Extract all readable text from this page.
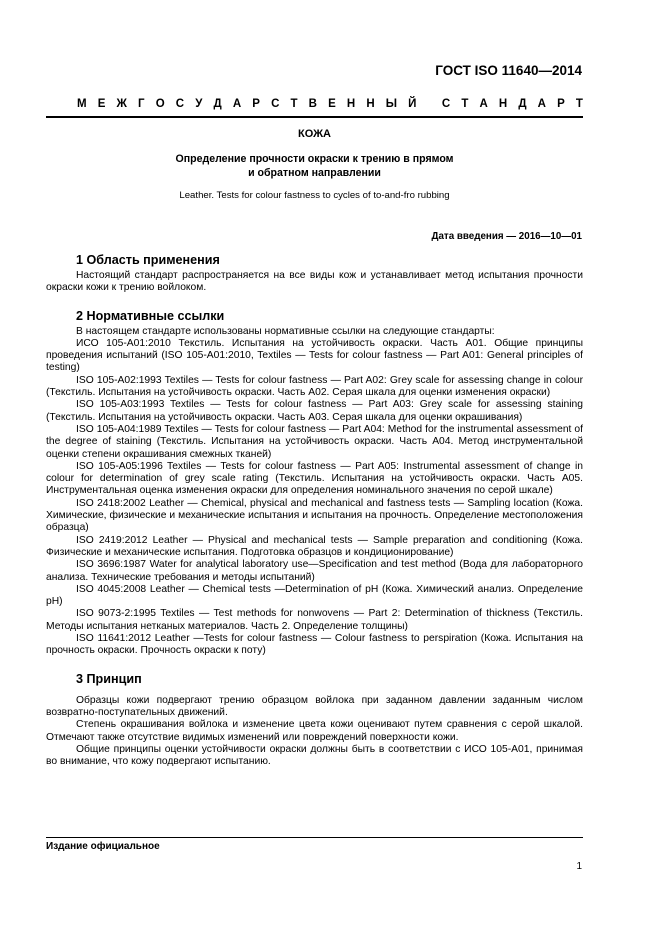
ГОСТ ISO 11640—2014
М Е Ж Г О С У Д А Р С Т В Е Н Н Ы Й
С Т А Н Д А Р Т
КОЖА
Определение прочности окраски к трению в прямом
и обратном направлении
Leather. Tests for colour fastness to cycles of to-and-fro rubbing
Дата введения — 2016—10—01
1 Область применения

Настоящий стандарт распространяется на все виды кож и устанавливает метод испытания прочности окраски кожи к трению войлоком.

2 Нормативные ссылки

В настоящем стандарте использованы нормативные ссылки на следующие стандарты:

ИСО 105-A01:2010 Текстиль. Испытания на устойчивость окраски. Часть A01. Общие принципы проведения испытаний (ISO 105-A01:2010, Textiles — Tests for colour fastness — Part A01: General principles of testing)

ISO 105-A02:1993 Textiles — Tests for colour fastness — Part A02: Grey scale for assessing change in colour (Текстиль. Испытания на устойчивость окраски. Часть A02. Серая шкала для оценки изменения окраски)

ISO 105-A03:1993 Textiles — Tests for colour fastness — Part A03: Grey scale for assessing staining (Текстиль. Испытания на устойчивость окраски. Часть A03. Серая шкала для оценки окрашивания)

ISO 105-A04:1989 Textiles — Tests for colour fastness — Part A04: Method for the instrumental assessment of the degree of staining (Текстиль. Испытания на устойчивость окраски. Часть A04. Метод инструментальной оценки степени окрашивания смежных тканей)

ISO 105-A05:1996 Textiles — Tests for colour fastness — Part A05: Instrumental assessment of change in colour for determination of grey scale rating (Текстиль. Испытания на устойчивость окраски. Часть A05. Инструментальная оценка изменения окраски для определения номинального значения по серой шкале)

ISO 2418:2002 Leather — Chemical, physical and mechanical and fastness tests — Sampling location (Кожа. Химические, физические и механические испытания и испытания на прочность. Определение местоположения образца)

ISO 2419:2012 Leather — Physical and mechanical tests — Sample preparation and conditioning (Кожа. Физические и механические испытания. Подготовка образцов и кондиционирование)

ISO 3696:1987 Water for analytical laboratory use—Specification and test method (Вода для лабораторного анализа. Технические требования и методы испытаний)

ISO 4045:2008 Leather — Chemical tests —Determination of pH (Кожа. Химический анализ. Определение pH)

ISO 9073-2:1995 Textiles — Test methods for nonwovens — Part 2: Determination of thickness (Текстиль. Методы испытания нетканых материалов. Часть 2. Определение толщины)

ISO 11641:2012 Leather —Tests for colour fastness — Colour fastness to perspiration (Кожа. Испытания на прочность окраски. Прочность окраски к поту)

3 Принцип

Образцы кожи подвергают трению образцом войлока при заданном давлении заданным числом возвратно-поступательных движений.

Степень окрашивания войлока и изменение цвета кожи оценивают путем сравнения с серой шкалой. Отмечают также отсутствие видимых изменений или повреждений поверхности кожи.

Общие принципы оценки устойчивости окраски должны быть в соответствии с ИСО 105-A01, принимая во внимание, что кожу подвергают испытанию.

Издание официальное
1
